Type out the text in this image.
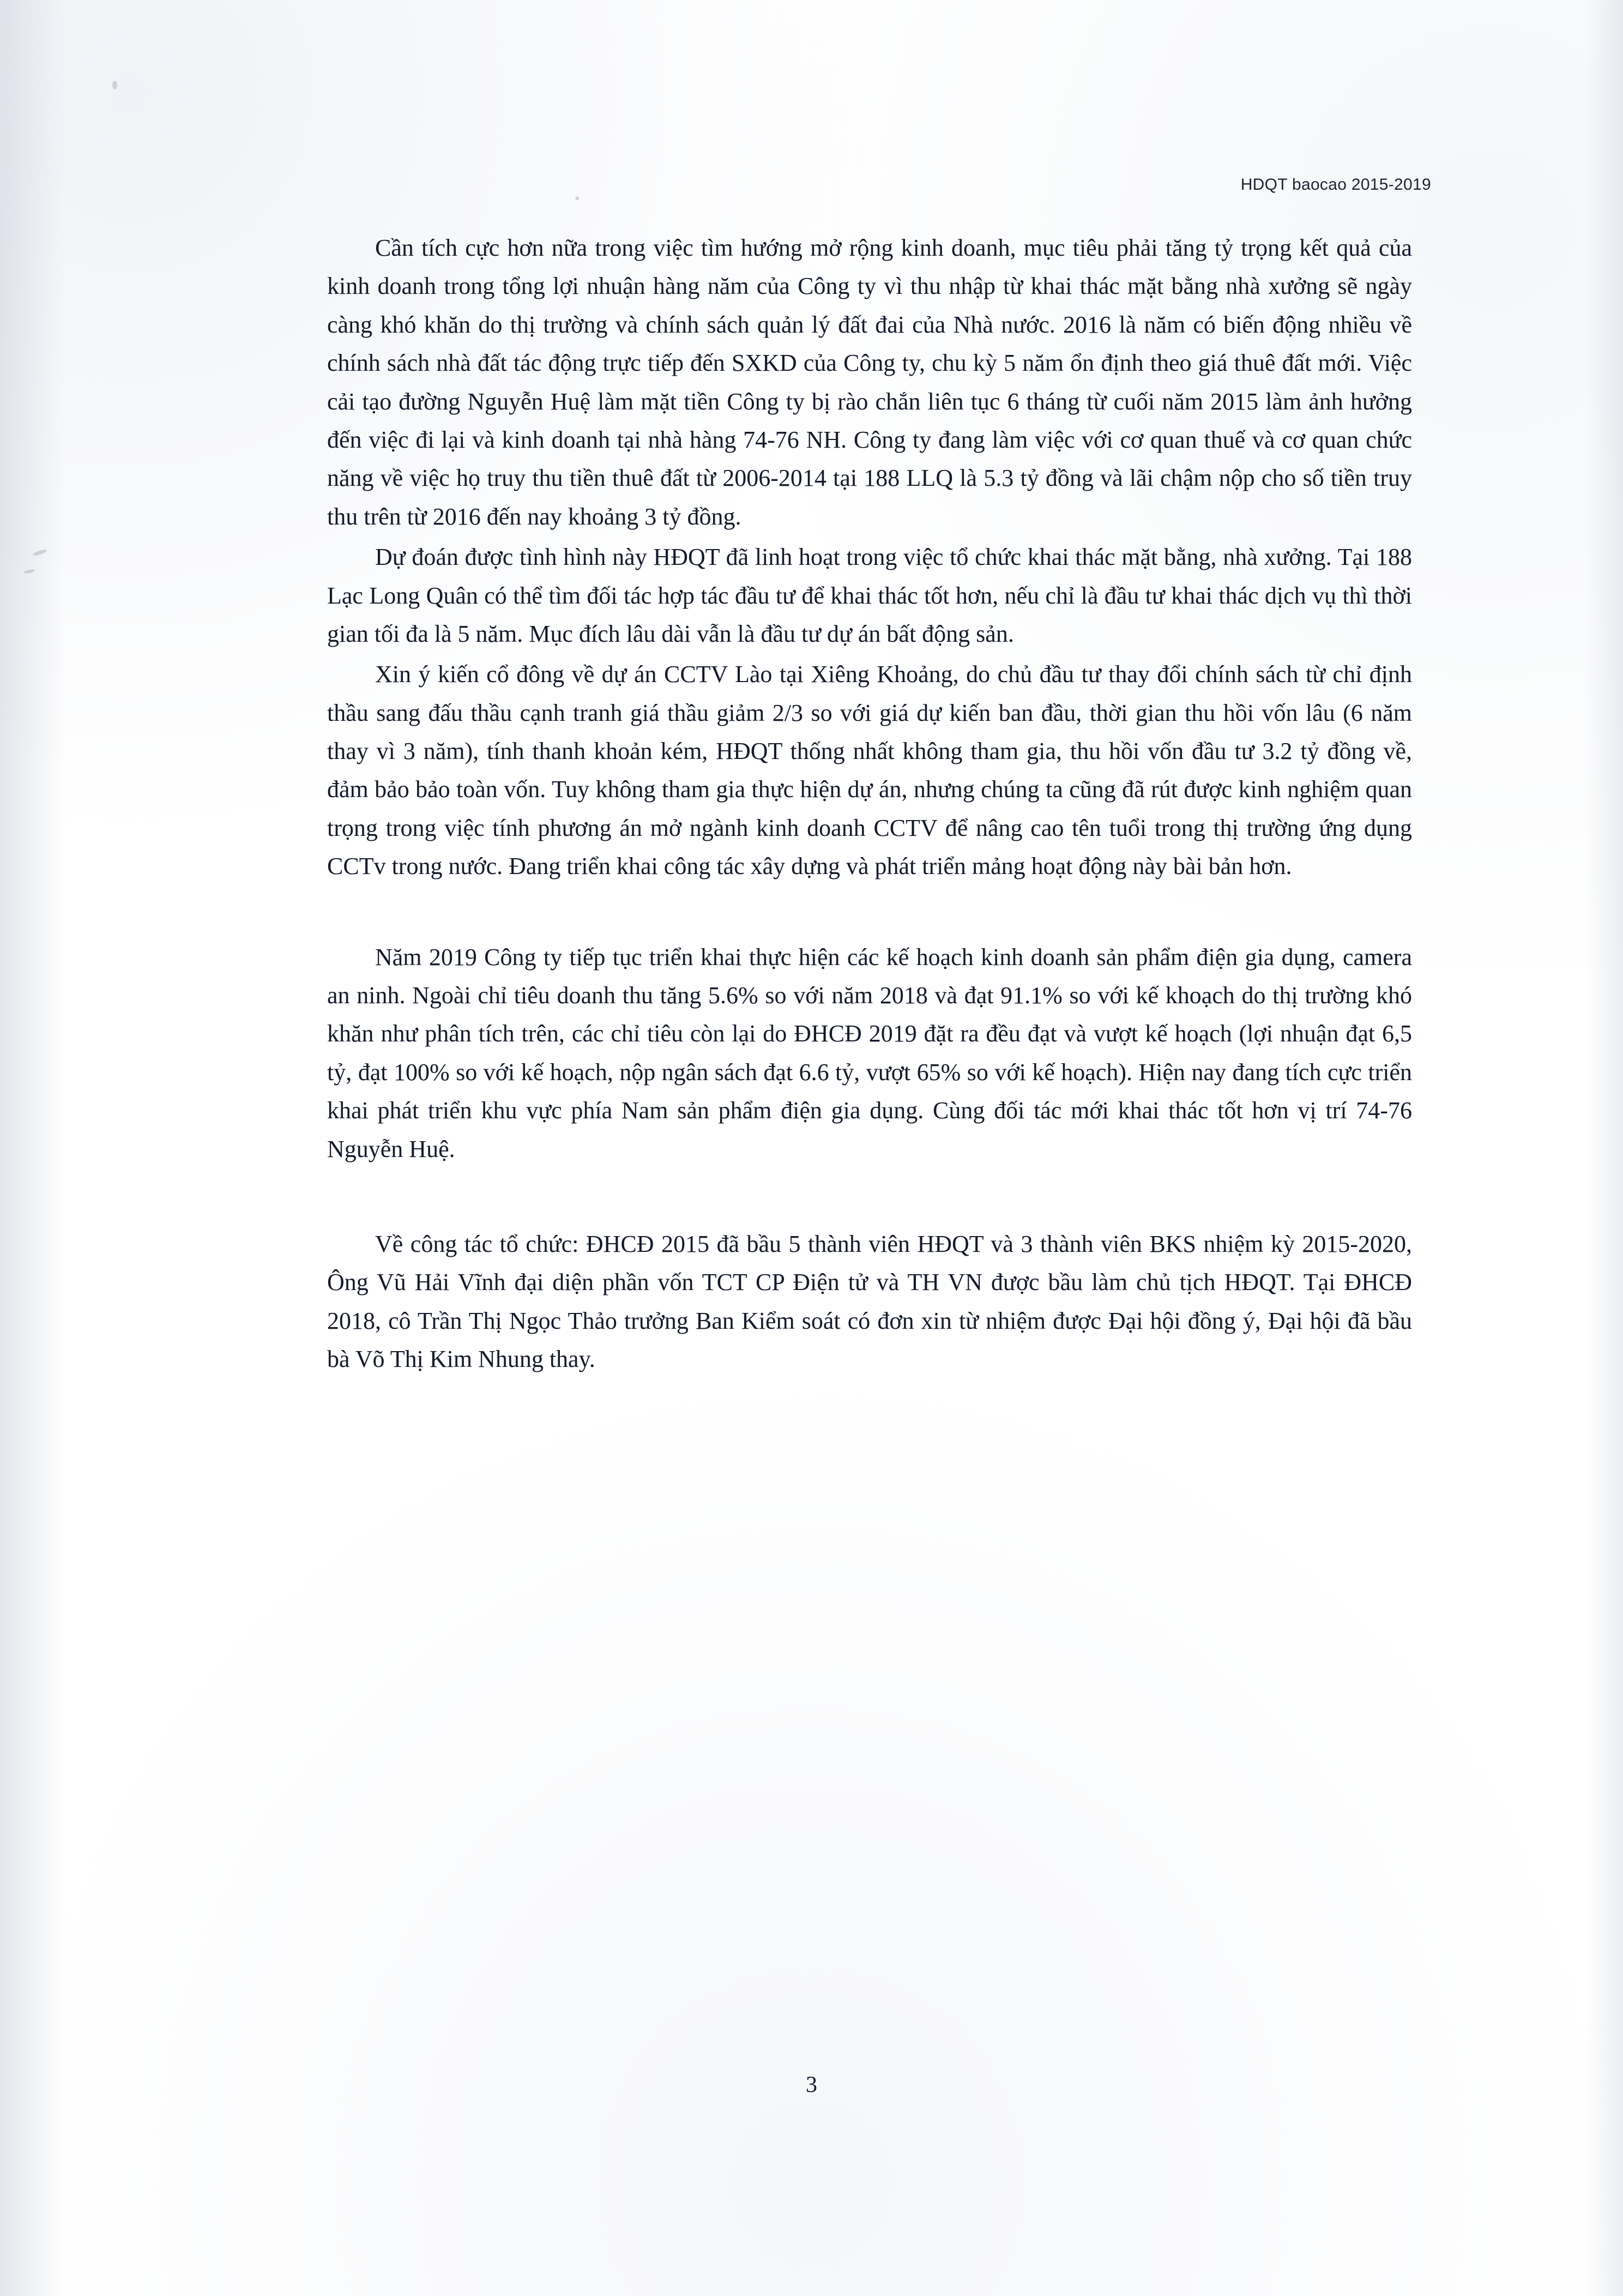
HDQT baocao 2015-2019

Cần tích cực hơn nữa trong việc tìm hướng mở rộng kinh doanh, mục tiêu phải tăng tỷ trọng kết quả của kinh doanh trong tổng lợi nhuận hàng năm của Công ty vì thu nhập từ khai thác mặt bằng nhà xưởng sẽ ngày càng khó khăn do thị trường và chính sách quản lý đất đai của Nhà nước. 2016 là năm có biến động nhiều về chính sách nhà đất tác động trực tiếp đến SXKD của Công ty, chu kỳ 5 năm ổn định theo giá thuê đất mới. Việc cải tạo đường Nguyễn Huệ làm mặt tiền Công ty bị rào chắn liên tục 6 tháng từ cuối năm 2015 làm ảnh hưởng đến việc đi lại và kinh doanh tại nhà hàng 74-76 NH. Công ty đang làm việc với cơ quan thuế và cơ quan chức năng về việc họ truy thu tiền thuê đất từ 2006-2014 tại 188 LLQ là 5.3 tỷ đồng và lãi chậm nộp cho số tiền truy thu trên từ 2016 đến nay khoảng 3 tỷ đồng.

Dự đoán được tình hình này HĐQT đã linh hoạt trong việc tổ chức khai thác mặt bằng, nhà xưởng. Tại 188 Lạc Long Quân có thể tìm đối tác hợp tác đầu tư để khai thác tốt hơn, nếu chỉ là đầu tư khai thác dịch vụ thì thời gian tối đa là 5 năm. Mục đích lâu dài vẫn là đầu tư dự án bất động sản.

Xin ý kiến cổ đông về dự án CCTV Lào tại Xiêng Khoảng, do chủ đầu tư thay đổi chính sách từ chỉ định thầu sang đấu thầu cạnh tranh giá thầu giảm 2/3 so với giá dự kiến ban đầu, thời gian thu hồi vốn lâu (6 năm thay vì 3 năm), tính thanh khoản kém, HĐQT thống nhất không tham gia, thu hồi vốn đầu tư 3.2 tỷ đồng về, đảm bảo bảo toàn vốn. Tuy không tham gia thực hiện dự án, nhưng chúng ta cũng đã rút được kinh nghiệm quan trọng trong việc tính phương án mở ngành kinh doanh CCTV để nâng cao tên tuổi trong thị trường ứng dụng CCTv trong nước. Đang triển khai công tác xây dựng và phát triển mảng hoạt động này bài bản hơn.

Năm 2019 Công ty tiếp tục triển khai thực hiện các kế hoạch kinh doanh sản phẩm điện gia dụng, camera an ninh. Ngoài chỉ tiêu doanh thu tăng 5.6% so với năm 2018 và đạt 91.1% so với kế khoạch do thị trường khó khăn như phân tích trên, các chỉ tiêu còn lại do ĐHCĐ 2019 đặt ra đều đạt và vượt kế hoạch (lợi nhuận đạt 6,5 tỷ, đạt 100% so với kế hoạch, nộp ngân sách đạt 6.6 tỷ, vượt 65% so với kế hoạch). Hiện nay đang tích cực triển khai phát triển khu vực phía Nam sản phẩm điện gia dụng. Cùng đối tác mới khai thác tốt hơn vị trí 74-76 Nguyễn Huệ.

Về công tác tổ chức: ĐHCĐ 2015 đã bầu 5 thành viên HĐQT và 3 thành viên BKS nhiệm kỳ 2015-2020, Ông Vũ Hải Vĩnh đại diện phần vốn TCT CP Điện tử và TH VN được bầu làm chủ tịch HĐQT. Tại ĐHCĐ 2018, cô Trần Thị Ngọc Thảo trưởng Ban Kiểm soát có đơn xin từ nhiệm được Đại hội đồng ý, Đại hội đã bầu bà Võ Thị Kim Nhung thay.

3
